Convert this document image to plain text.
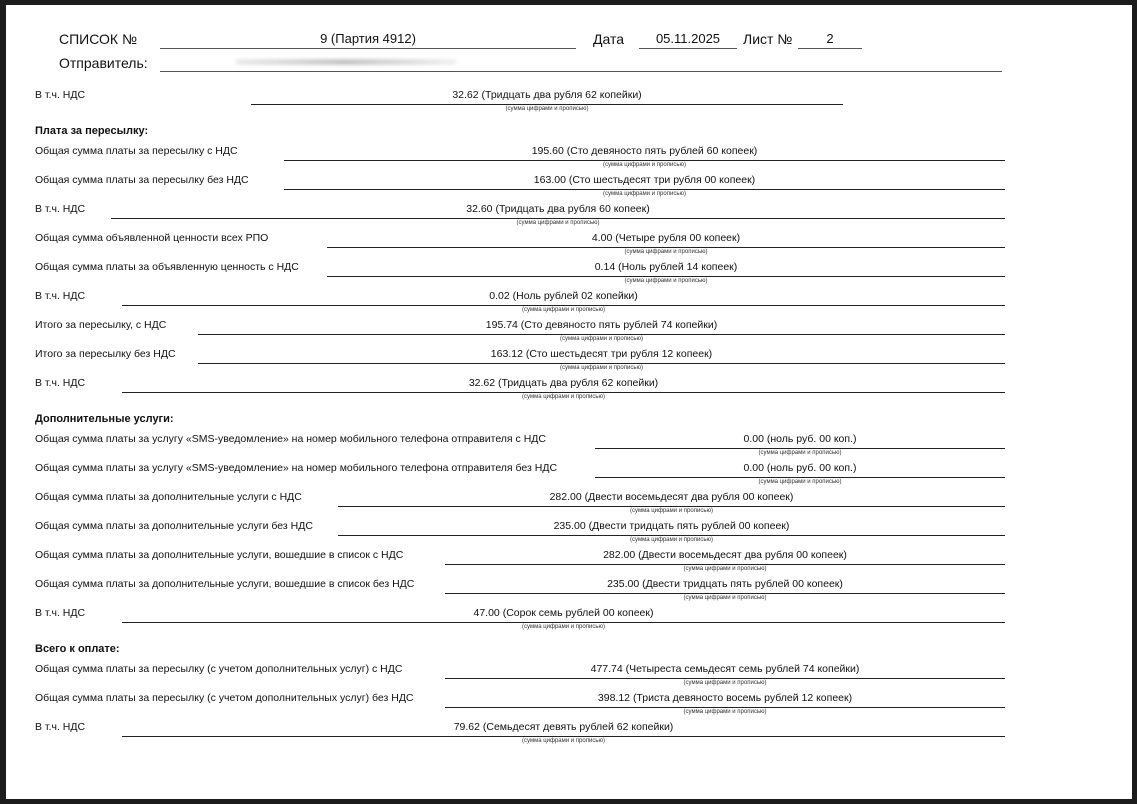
СПИСОК №	9 (Партия 4912)	Дата	05.11.2025	Лист №	2
Отправитель:
В т.ч. НДС	32.62 (Тридцать два рубля 62 копейки)
(сумма цифрами и прописью)
Плата за пересылку:
Общая сумма платы за пересылку с НДС	195.60 (Сто девяносто пять рублей 60 копеек)
(сумма цифрами и прописью)
Общая сумма платы за пересылку без НДС	163.00 (Сто шестьдесят три рубля 00 копеек)
(сумма цифрами и прописью)
В т.ч. НДС	32.60 (Тридцать два рубля 60 копеек)
(сумма цифрами и прописью)
Общая сумма объявленной ценности всех РПО	4.00 (Четыре рубля 00 копеек)
(сумма цифрами и прописью)
Общая сумма платы за объявленную ценность с НДС	0.14 (Ноль рублей 14 копеек)
(сумма цифрами и прописью)
В т.ч. НДС	0.02 (Ноль рублей 02 копейки)
(сумма цифрами и прописью)
Итого за пересылку, с НДС	195.74 (Сто девяносто пять рублей 74 копейки)
(сумма цифрами и прописью)
Итого за пересылку без НДС	163.12 (Сто шестьдесят три рубля 12 копеек)
(сумма цифрами и прописью)
В т.ч. НДС	32.62 (Тридцать два рубля 62 копейки)
(сумма цифрами и прописью)
Дополнительные услуги:
Общая сумма платы за услугу «SMS-уведомление» на номер мобильного телефона отправителя с НДС	0.00 (ноль руб. 00 коп.)
(сумма цифрами и прописью)
Общая сумма платы за услугу «SMS-уведомление» на номер мобильного телефона отправителя без НДС	0.00 (ноль руб. 00 коп.)
(сумма цифрами и прописью)
Общая сумма платы за дополнительные услуги с НДС	282.00 (Двести восемьдесят два рубля 00 копеек)
(сумма цифрами и прописью)
Общая сумма платы за дополнительные услуги без НДС	235.00 (Двести тридцать пять рублей 00 копеек)
(сумма цифрами и прописью)
Общая сумма платы за дополнительные услуги, вошедшие в список с НДС	282.00 (Двести восемьдесят два рубля 00 копеек)
(сумма цифрами и прописью)
Общая сумма платы за дополнительные услуги, вошедшие в список без НДС	235.00 (Двести тридцать пять рублей 00 копеек)
(сумма цифрами и прописью)
В т.ч. НДС	47.00 (Сорок семь рублей 00 копеек)
(сумма цифрами и прописью)
Всего к оплате:
Общая сумма платы за пересылку (с учетом дополнительных услуг) с НДС	477.74 (Четыреста семьдесят семь рублей 74 копейки)
(сумма цифрами и прописью)
Общая сумма платы за пересылку (с учетом дополнительных услуг) без НДС	398.12 (Триста девяносто восемь рублей 12 копеек)
(сумма цифрами и прописью)
В т.ч. НДС	79.62 (Семьдесят девять рублей 62 копейки)
(сумма цифрами и прописью)
